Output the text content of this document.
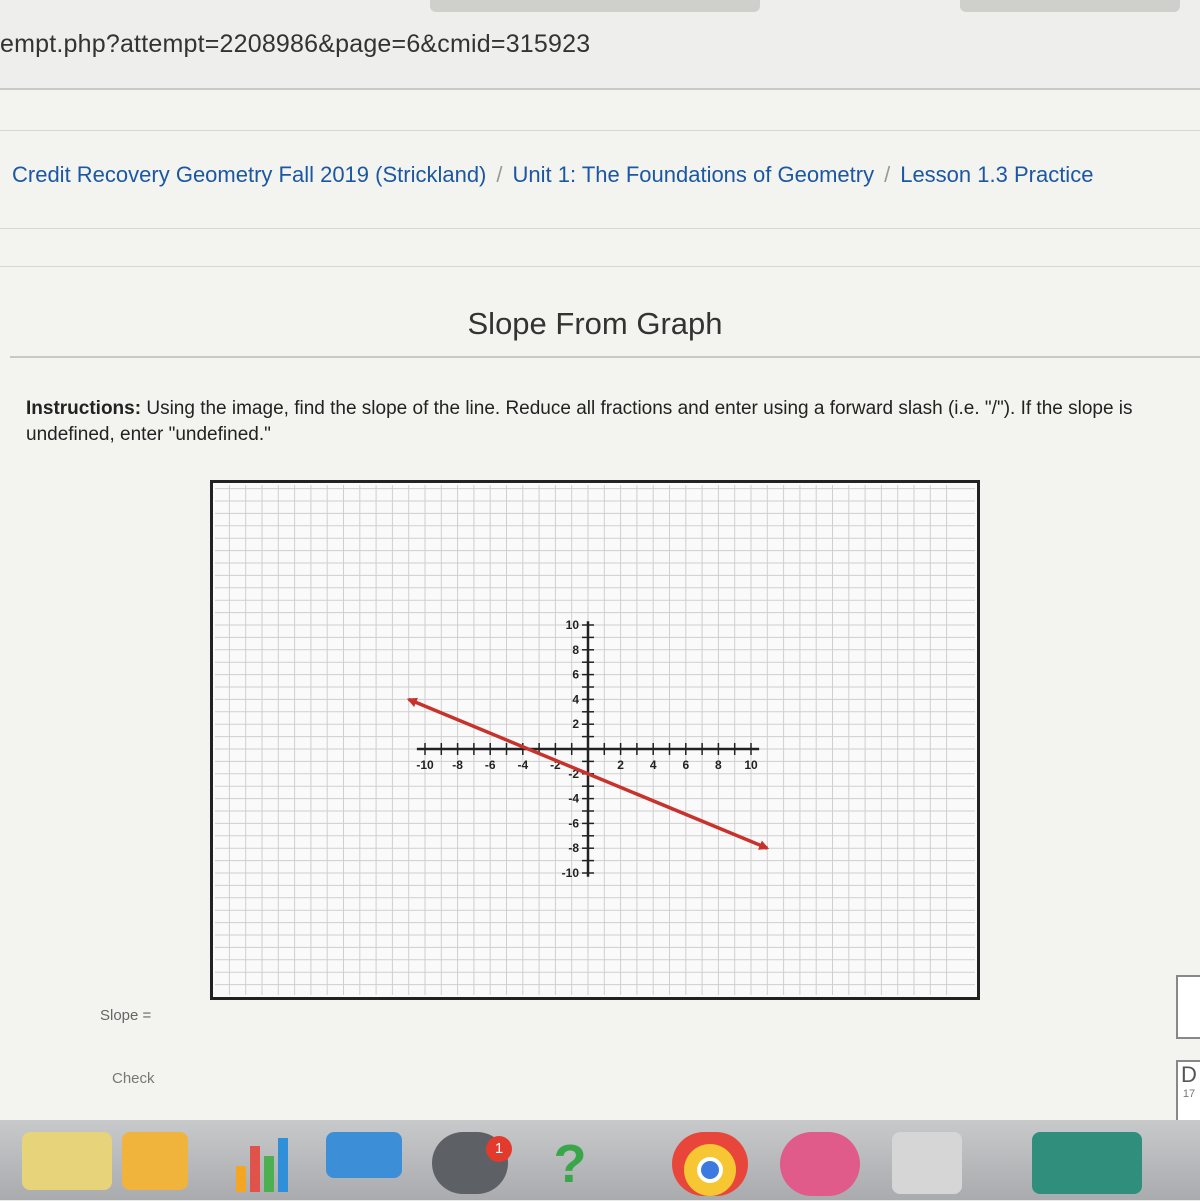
empt.php?attempt=2208986&page=6&cmid=315923
Credit Recovery Geometry Fall 2019 (Strickland) / Unit 1: The Foundations of Geometry / Lesson 1.3 Practice
Slope From Graph
Instructions: Using the image, find the slope of the line. Reduce all fractions and enter using a forward slash (i.e. "/"). If the slope is undefined, enter "undefined."
-10 -8 -6 -4 -2	2 4 6 8 10
10
8
6
4
2
-2
-4
-6
-8
-10
Slope =
Check	D
17
1 ?
